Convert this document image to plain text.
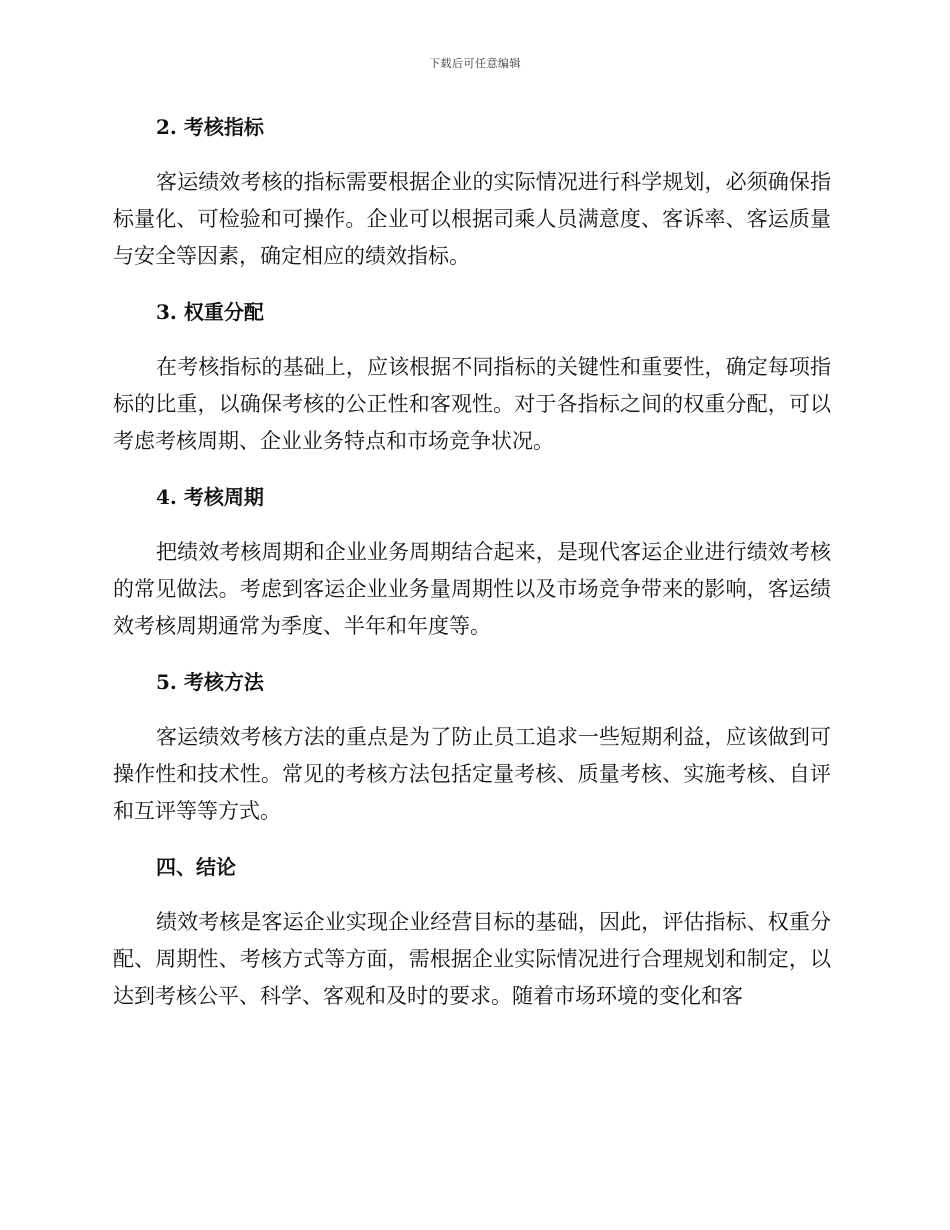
下载后可任意编辑
2. 考核指标

客运绩效考核的指标需要根据企业的实际情况进行科学规划，必须确保指标量化、可检验和可操作。企业可以根据司乘人员满意度、客诉率、客运质量与安全等因素，确定相应的绩效指标。

3. 权重分配

在考核指标的基础上，应该根据不同指标的关键性和重要性，确定每项指标的比重，以确保考核的公正性和客观性。对于各指标之间的权重分配，可以考虑考核周期、企业业务特点和市场竞争状况。

4. 考核周期

把绩效考核周期和企业业务周期结合起来，是现代客运企业进行绩效考核的常见做法。考虑到客运企业业务量周期性以及市场竞争带来的影响，客运绩效考核周期通常为季度、半年和年度等。

5. 考核方法

客运绩效考核方法的重点是为了防止员工追求一些短期利益，应该做到可操作性和技术性。常见的考核方法包括定量考核、质量考核、实施考核、自评和互评等等方式。

四、结论

绩效考核是客运企业实现企业经营目标的基础，因此，评估指标、权重分配、周期性、考核方式等方面，需根据企业实际情况进行合理规划和制定，以达到考核公平、科学、客观和及时的要求。随着市场环境的变化和客
